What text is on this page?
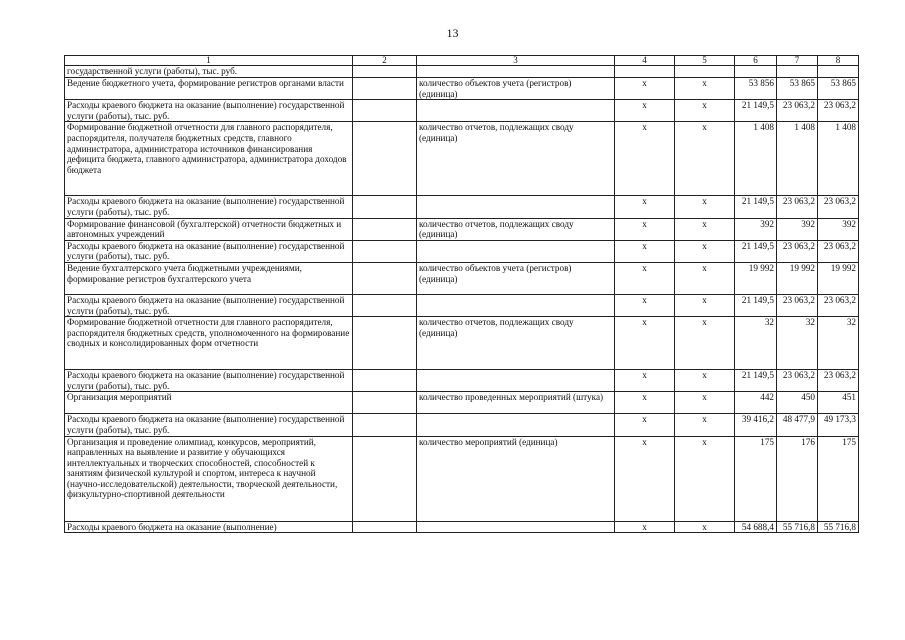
13
1	2	3	4	5	6	7	8
государственной услуги (работы), тыс. руб.							
Ведение бюджетного учета, формирование регистров органами власти		количество объектов учета (регистров) (единица)	х	х	53 856	53 865	53 865
Расходы краевого бюджета на оказание (выполнение) государственной услуги (работы), тыс. руб.			х	х	21 149,5	23 063,2	23 063,2
Формирование бюджетной отчетности для главного распорядителя, распорядителя, получателя бюджетных средств, главного администратора, администратора источников финансирования дефицита бюджета, главного администратора, администратора доходов бюджета		количество отчетов, подлежащих своду (единица)	х	х	1 408	1 408	1 408
Расходы краевого бюджета на оказание (выполнение) государственной услуги (работы), тыс. руб.			х	х	21 149,5	23 063,2	23 063,2
Формирование финансовой (бухгалтерской) отчетности бюджетных и автономных учреждений		количество отчетов, подлежащих своду (единица)	х	х	392	392	392
Расходы краевого бюджета на оказание (выполнение) государственной услуги (работы), тыс. руб.			х	х	21 149,5	23 063,2	23 063,2
Ведение бухгалтерского учета бюджетными учреждениями, формирование регистров бухгалтерского учета		количество объектов учета (регистров) (единица)	х	х	19 992	19 992	19 992
Расходы краевого бюджета на оказание (выполнение) государственной услуги (работы), тыс. руб.			х	х	21 149,5	23 063,2	23 063,2
Формирование бюджетной отчетности для главного распорядителя, распорядителя бюджетных средств, уполномоченного на формирование сводных и консолидированных форм отчетности		количество отчетов, подлежащих своду (единица)	х	х	32	32	32
Расходы краевого бюджета на оказание (выполнение) государственной услуги (работы), тыс. руб.			х	х	21 149,5	23 063,2	23 063,2
Организация мероприятий		количество проведенных мероприятий (штука)	х	х	442	450	451
Расходы краевого бюджета на оказание (выполнение) государственной услуги (работы), тыс. руб.			х	х	39 416,2	48 477,9	49 173,3
Организация и проведение олимпиад, конкурсов, мероприятий, направленных на выявление и развитие у обучающихся интеллектуальных и творческих способностей, способностей к занятиям физической культурой и спортом, интереса к научной (научно-исследовательской) деятельности, творческой деятельности, физкультурно-спортивной деятельности		количество мероприятий (единица)	х	х	175	176	175
Расходы краевого бюджета на оказание (выполнение)			х	х	54 688,4	55 716,8	55 716,8
